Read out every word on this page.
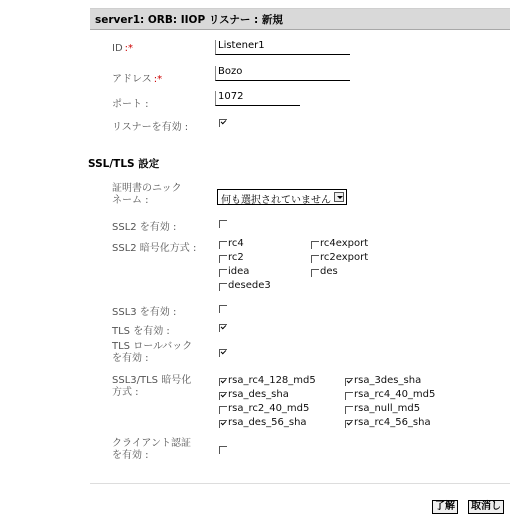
server1: ORB: IIOP リスナー : 新規
ID :*	Listener1
アドレス :*
Bozo
ポート :
1072
リスナーを有効 :
SSL/TLS 設定
証明書のニック
ネーム :	何も選択されていません
SSL2 を有効 :
SSL2 暗号化方式 :	rc4	rc4export
rc2	rc2export
idea	des
desede3
SSL3 を有効 :
TLS を有効 :
TLS ロールバック
を有効 :
SSL3/TLS 暗号化
方式 :
rsa_rc4_128_md5	rsa_3des_sha
rsa_des_sha	rsa_rc4_40_md5
rsa_rc2_40_md5	rsa_null_md5
rsa_des_56_sha	rsa_rc4_56_sha
クライアント認証
を有効 :
了解	取消し
